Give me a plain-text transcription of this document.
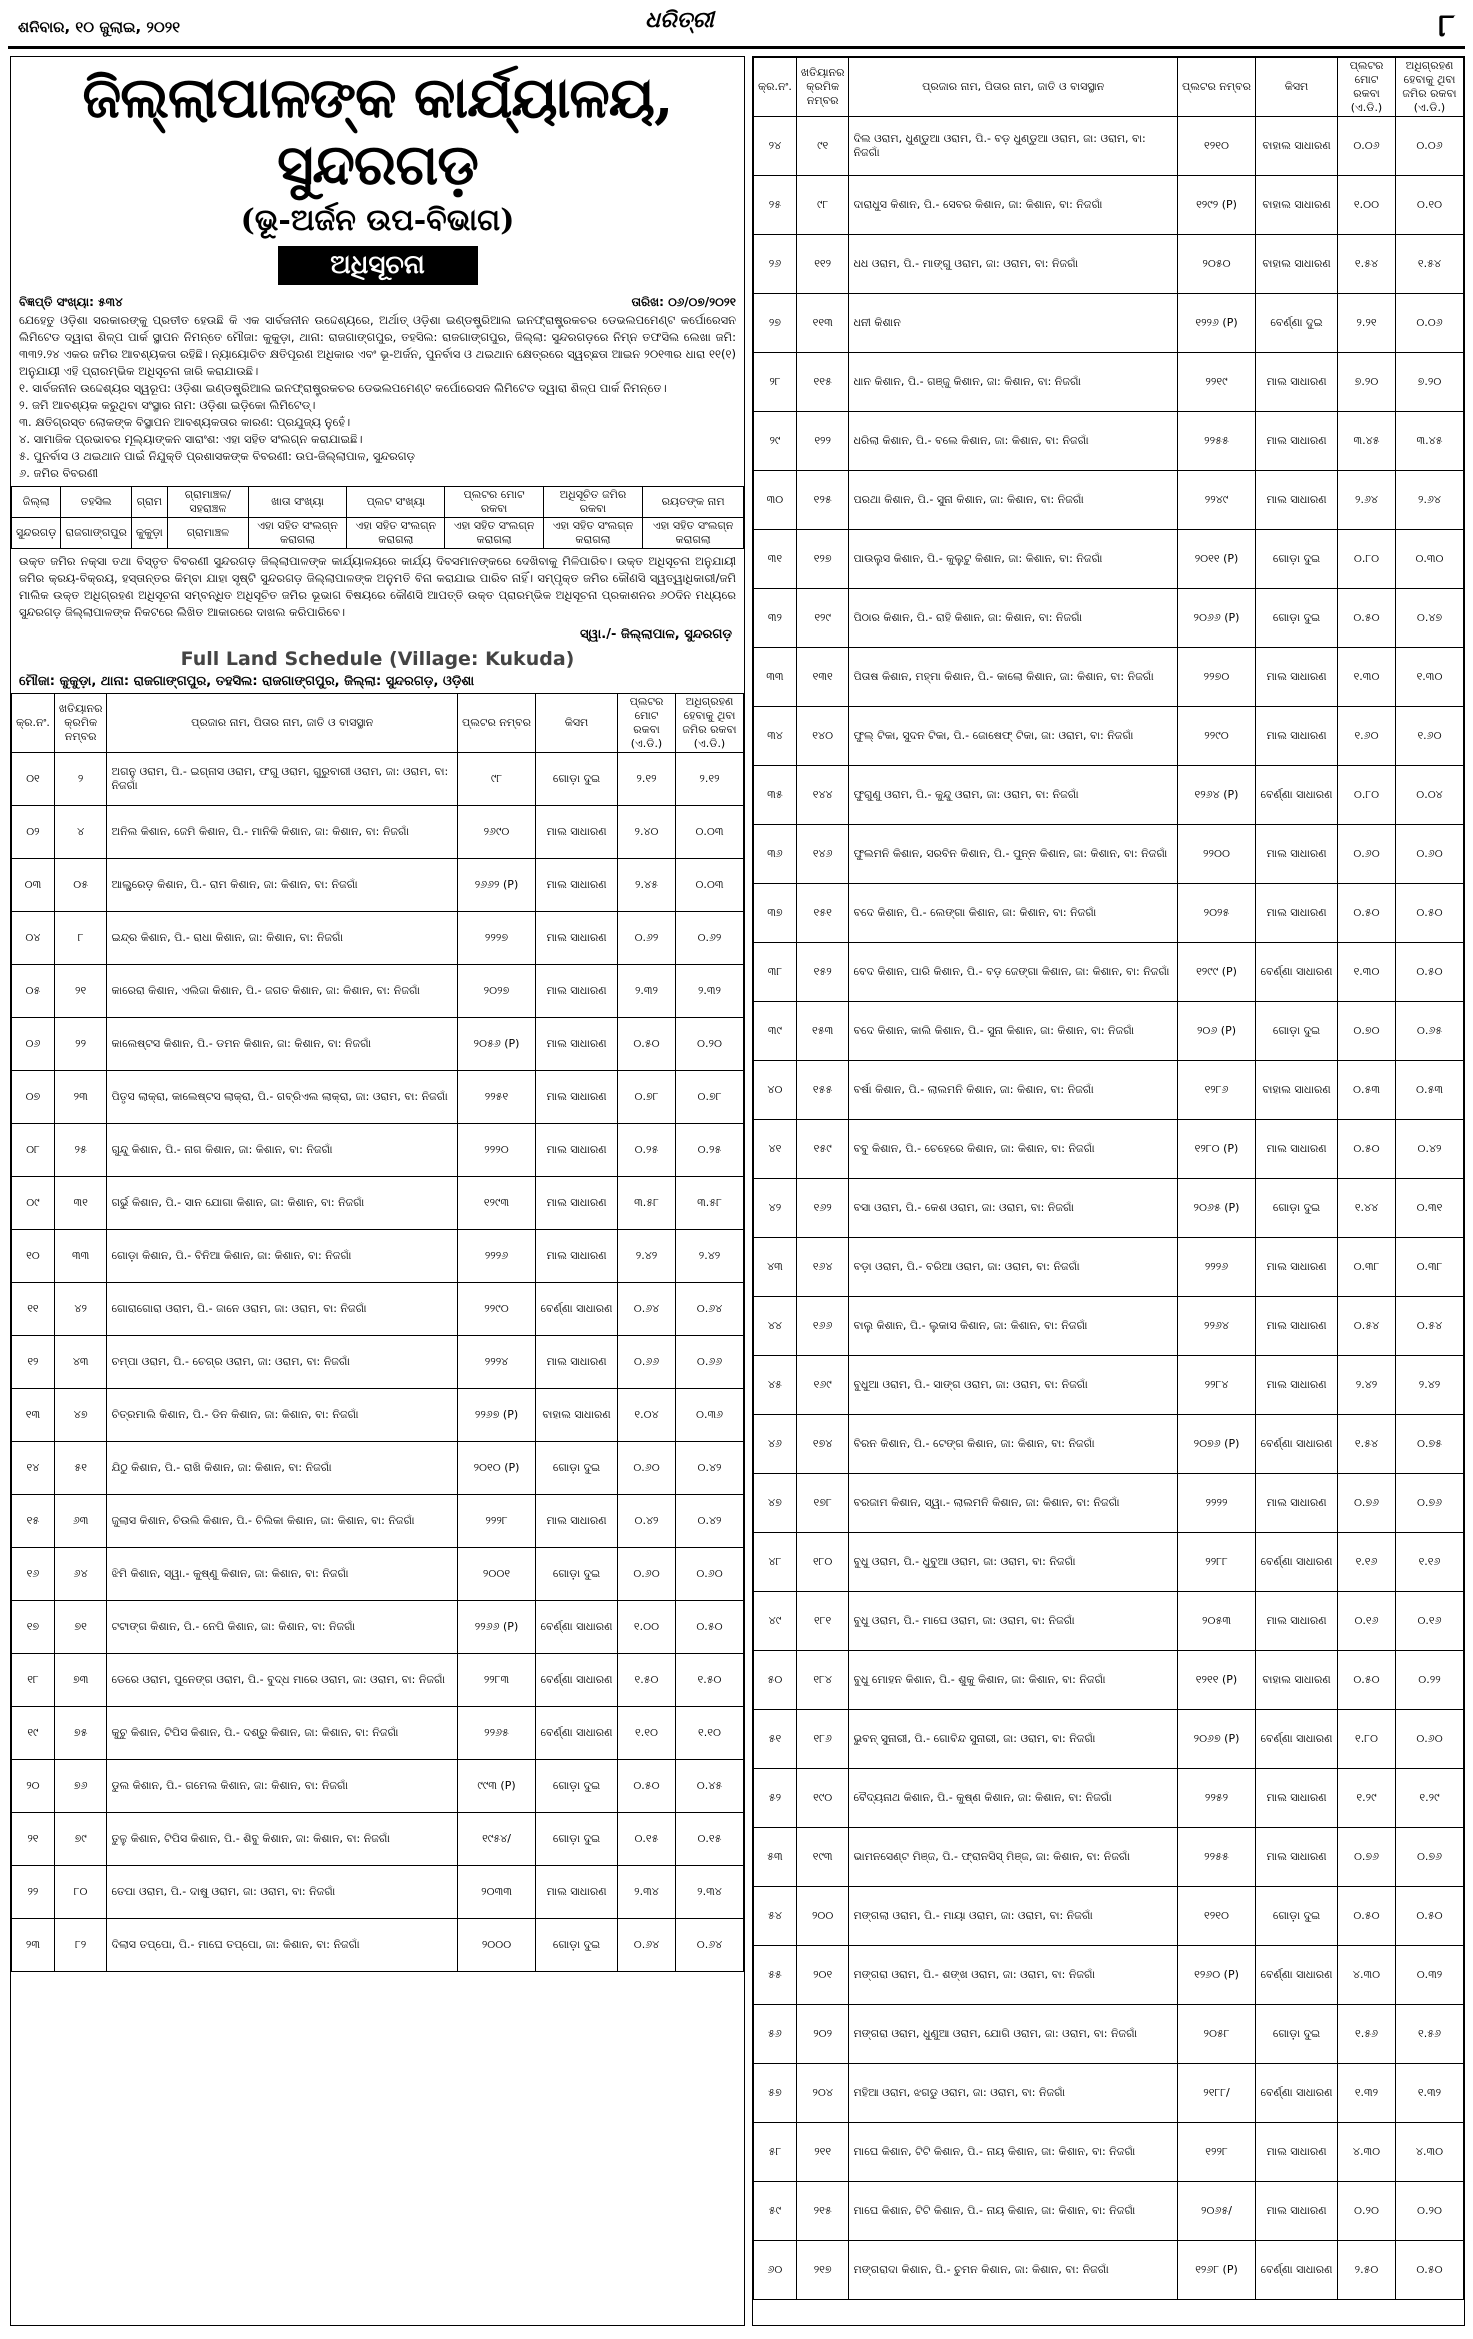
ଶନିବାର, ୧୦ ଜୁଲାଇ, ୨୦୨୧	ଧରିତ୍ରୀ	୮
ଜିଲ୍ଲାପାଳଙ୍କ କାର୍ଯ୍ୟାଳୟ, ସୁନ୍ଦରଗଡ଼
(ଭୂ-ଅର୍ଜନ ଉପ-ବିଭାଗ)
ଅଧିସୂଚନା
ବିଜ୍ଞପ୍ତି ସଂଖ୍ୟା: ୫୩୪	ତାରିଖ: ୦୬/୦୭/୨୦୨୧

ଯେହେତୁ ଓଡ଼ିଶା ସରକାରଙ୍କୁ ପ୍ରତୀତ ହେଉଛି କି ଏକ ସାର୍ବଜନୀନ ଉଦ୍ଦେଶ୍ୟରେ, ଅର୍ଥାତ୍ ଓଡ଼ିଶା ଇଣ୍ଡଷ୍ଟ୍ରିଆଲ ଇନଫ୍ରାଷ୍ଟ୍ରକଚର ଡେଭଲପମେଣ୍ଟ କର୍ପୋରେସନ ଲିମିଟେଡ ଦ୍ୱାରା ଶିଳ୍ପ ପାର୍କ ସ୍ଥାପନ ନିମନ୍ତେ ମୌଜା: କୁକୁଡ଼ା, ଥାନା: ରାଜଗାଙ୍ଗପୁର, ତହସିଲ: ରାଜଗାଙ୍ଗପୁର, ଜିଲ୍ଲା: ସୁନ୍ଦରଗଡ଼ରେ ନିମ୍ନ ତଫସିଲ ଲେଖା ଜମି: ୩୩୨.୨୪ ଏକର ଜମିର ଆବଶ୍ୟକତା ରହିଛି। ନ୍ୟାୟୋଚିତ କ୍ଷତିପୂରଣ ଅଧିକାର ଏବଂ ଭୂ-ଅର୍ଜନ, ପୁନର୍ବାସ ଓ ଥଇଥାନ କ୍ଷେତ୍ରରେ ସ୍ୱଚ୍ଛତା ଆଇନ ୨୦୧୩ର ଧାରା ୧୧(୧) ଅନୁଯାୟୀ ଏହି ପ୍ରାରମ୍ଭିକ ଅଧିସୂଚନା ଜାରି କରାଯାଉଛି।

୧. ସାର୍ବଜନୀନ ଉଦ୍ଦେଶ୍ୟର ସ୍ୱରୂପ: ଓଡ଼ିଶା ଇଣ୍ଡଷ୍ଟ୍ରିଆଲ ଇନଫ୍ରାଷ୍ଟ୍ରକଚର ଡେଭଲପମେଣ୍ଟ କର୍ପୋରେସନ ଲିମିଟେଡ ଦ୍ୱାରା ଶିଳ୍ପ ପାର୍କ ନିମନ୍ତେ।
୨. ଜମି ଆବଶ୍ୟକ କରୁଥିବା ସଂସ୍ଥାର ନାମ: ଓଡ଼ିଶା ଇଡ଼ିକୋ ଲିମିଟେଡ୍।
୩. କ୍ଷତିଗ୍ରସ୍ତ ଲୋକଙ୍କ ବିସ୍ଥାପନ ଆବଶ୍ୟକତାର କାରଣ: ପ୍ରଯୁଜ୍ୟ ନୁହେଁ।
୪. ସାମାଜିକ ପ୍ରଭାବର ମୂଲ୍ୟାଙ୍କନ ସାରାଂଶ: ଏହା ସହିତ ସଂଲଗ୍ନ କରାଯାଇଛି।
୫. ପୁନର୍ବାସ ଓ ଥଇଥାନ ପାଇଁ ନିଯୁକ୍ତି ପ୍ରଶାସକଙ୍କ ବିବରଣୀ: ଉପ-ଜିଲ୍ଲାପାଳ, ସୁନ୍ଦରଗଡ଼
୬. ଜମିର ବିବରଣୀ
ଜିଲ୍ଲା	ତହସିଲ	ଗ୍ରାମ	ଗ୍ରାମାଞ୍ଚଳ/ ସହରାଞ୍ଚଳ	ଖାତା ସଂଖ୍ୟା	ପ୍ଲଟ ସଂଖ୍ୟା	ପ୍ଲଟର ମୋଟ ରକବା	ଅଧିସୂଚିତ ଜମିର ରକବା	ରୟତଙ୍କ ନାମ
ସୁନ୍ଦରଗଡ଼	ରାଜଗାଙ୍ଗପୁର	କୁକୁଡ଼ା	ଗ୍ରାମାଞ୍ଚଳ	ଏହା ସହିତ ସଂଲଗ୍ନ କରାଗଲା	ଏହା ସହିତ ସଂଲଗ୍ନ କରାଗଲା	ଏହା ସହିତ ସଂଲଗ୍ନ କରାଗଲା	ଏହା ସହିତ ସଂଲଗ୍ନ କରାଗଲା	ଏହା ସହିତ ସଂଲଗ୍ନ କରାଗଲା

ଉକ୍ତ ଜମିର ନକ୍ସା ତଥା ବିସ୍ତୃତ ବିବରଣୀ ସୁନ୍ଦରଗଡ଼ ଜିଲ୍ଲାପାଳଙ୍କ କାର୍ଯ୍ୟାଳୟରେ କାର୍ଯ୍ୟ ଦିବସମାନଙ୍କରେ ଦେଖିବାକୁ ମିଳିପାରିବ। ଉକ୍ତ ଅଧିସୂଚନା ଅନୁଯାୟୀ ଜମିର କ୍ରୟ-ବିକ୍ରୟ, ହସ୍ତାନ୍ତର କିମ୍ବା ଯାହା ସୃଷ୍ଟି ସୁନ୍ଦରଗଡ଼ ଜିଲ୍ଲାପାଳଙ୍କ ଅନୁମତି ବିନା କରାଯାଇ ପାରିବ ନାହିଁ। ସମ୍ପୃକ୍ତ ଜମିର କୌଣସି ସ୍ୱତ୍ୱାଧିକାରୀ/ଜମି ମାଲିକ ଉକ୍ତ ଅଧିଗ୍ରହଣ ଅଧିସୂଚନା ସମ୍ବନ୍ଧିତ ଅଧିସୂଚିତ ଜମିର ଭୂଭାଗ ବିଷୟରେ କୌଣସି ଆପତ୍ତି ଉକ୍ତ ପ୍ରାରମ୍ଭିକ ଅଧିସୂଚନା ପ୍ରକାଶନର ୬୦ଦିନ ମଧ୍ୟରେ ସୁନ୍ଦରଗଡ଼ ଜିଲ୍ଲାପାଳଙ୍କ ନିକଟରେ ଲିଖିତ ଆକାରରେ ଦାଖଲ କରିପାରିବେ।

ସ୍ୱା./- ଜିଲ୍ଲାପାଳ, ସୁନ୍ଦରଗଡ଼
Full Land Schedule (Village: Kukuda)
ମୌଜା: କୁକୁଡ଼ା, ଥାନା: ରାଜଗାଙ୍ଗପୁର, ତହସିଲ: ରାଜଗାଙ୍ଗପୁର, ଜିଲ୍ଲା: ସୁନ୍ଦରଗଡ଼, ଓଡ଼ିଶା
କ୍ର.ନଂ.	ଖତିୟାନର କ୍ରମିକ ନମ୍ବର	ପ୍ରଜାର ନାମ, ପିତାର ନାମ, ଜାତି ଓ ବାସସ୍ଥାନ	ପ୍ଲଟର ନମ୍ବର	କିସମ	ପ୍ଲଟର ମୋଟ ରକବା (ଏ.ଡି.)	ଅଧିଗ୍ରହଣ ହେବାକୁ ଥିବା ଜମିର ରକବା (ଏ.ଡି.)
୦୧	୨	ଅଗନୁ ଓରାମ, ପି.- ଇଗ୍ନାସ ଓରାମ, ଫଗୁ ଓରାମ, ଗୁରୁବାରୀ ଓରାମ, ଜା: ଓରାମ, ବା: ନିଜଗାଁ	୯୮	ଗୋଡ଼ା ଦୁଇ	୨.୧୨	୨.୧୨
୦୨	୪	ଅନିଲ କିଶାନ, ଜେମି କିଶାନ, ପି.- ମାନିକି କିଶାନ, ଜା: କିଶାନ, ବା: ନିଜଗାଁ	୨୬୯୦	ମାଲ ସାଧାରଣ	୨.୪୦	୦.୦୩
୦୩	୦୫	ଆଲ୍ଫ୍ରେଡ଼ କିଶାନ, ପି.- ରାମ କିଶାନ, ଜା: କିଶାନ, ବା: ନିଜଗାଁ	୨୬୬୨ (P)	ମାଲ ସାଧାରଣ	୨.୪୫	୦.୦୩
୦୪	୮	ଇନ୍ଦ୍ର କିଶାନ, ପି.- ରାଧା କିଶାନ, ଜା: କିଶାନ, ବା: ନିଜଗାଁ	୨୨୨୭	ମାଲ ସାଧାରଣ	୦.୬୨	୦.୬୨
୦୫	୨୧	କାରେରା କିଶାନ, ଏଲିଜା କିଶାନ, ପି.- ଜଗତ କିଶାନ, ଜା: କିଶାନ, ବା: ନିଜଗାଁ	୨୦୨୭	ମାଲ ସାଧାରଣ	୨.୩୨	୨.୩୨
୦୬	୨୨	କାଲେଷ୍ଟସ କିଶାନ, ପି.- ଡମନ କିଶାନ, ଜା: କିଶାନ, ବା: ନିଜଗାଁ	୨୦୫୬ (P)	ମାଲ ସାଧାରଣ	୦.୫୦	୦.୨୦
୦୭	୨୩	ପିତୃସ ଲାକ୍ରା, କାଲେଷ୍ଟସ ଲାକ୍ରା, ପି.- ଗବ୍ରିଏଲ ଲାକ୍ରା, ଜା: ଓରାମ, ବା: ନିଜଗାଁ	୨୨୫୧	ମାଲ ସାଧାରଣ	୦.୭୮	୦.୭୮
୦୮	୨୫	ଗୁନ୍ଦୁ କିଶାନ, ପି.- ନାଗ କିଶାନ, ଜା: କିଶାନ, ବା: ନିଜଗାଁ	୨୨୨୦	ମାଲ ସାଧାରଣ	୦.୨୫	୦.୨୫
୦୯	୩୧	ଗର୍ଭୁ କିଶାନ, ପି.- ସାନ ଯୋଗା କିଶାନ, ଜା: କିଶାନ, ବା: ନିଜଗାଁ	୧୨୯୩	ମାଲ ସାଧାରଣ	୩.୫୮	୩.୫୮
୧୦	୩୩	ଗୋଡ଼ା କିଶାନ, ପି.- ବିନିଆ କିଶାନ, ଜା: କିଶାନ, ବା: ନିଜଗାଁ	୨୨୨୬	ମାଲ ସାଧାରଣ	୨.୪୨	୨.୪୨
୧୧	୪୨	ଗୋରାଗୋରା ଓରାମ, ପି.- ଜାନେ ଓରାମ, ଜା: ଓରାମ, ବା: ନିଜଗାଁ	୨୨୯୦	ବେର୍ଣ୍ଣା ସାଧାରଣ	୦.୬୪	୦.୬୪
୧୨	୪୩	ଚମ୍ପା ଓରାମ, ପି.- ଚେଗ୍ର ଓରାମ, ଜା: ଓରାମ, ବା: ନିଜଗାଁ	୨୨୨୪	ମାଲ ସାଧାରଣ	୦.୬୬	୦.୬୬
୧୩	୪୭	ଚିତ୍ରମାଲି କିଶାନ, ପି.- ଡିନ କିଶାନ, ଜା: କିଶାନ, ବା: ନିଜଗାଁ	୨୨୬୭ (P)	ବାହାଲ ସାଧାରଣ	୧.୦୪	୦.୩୬
୧୪	୫୧	ଯିଠୁ କିଶାନ, ପି.- ରାଖି କିଶାନ, ଜା: କିଶାନ, ବା: ନିଜଗାଁ	୨୦୧୦ (P)	ଗୋଡ଼ା ଦୁଇ	୦.୬୦	୦.୪୨
୧୫	୬୩	ଜୁଲାସ କିଶାନ, ଚିଉଲି କିଶାନ, ପି.- ଚିଲିକା କିଶାନ, ଜା: କିଶାନ, ବା: ନିଜଗାଁ	୨୨୨୮	ମାଲ ସାଧାରଣ	୦.୪୨	୦.୪୨
୧୬	୬୪	ଝିମି କିଶାନ, ସ୍ୱା.- କୁଷ୍ଣୁ କିଶାନ, ଜା: କିଶାନ, ବା: ନିଜଗାଁ	୨୦୦୧	ଗୋଡ଼ା ଦୁଇ	୦.୬୦	୦.୬୦
୧୭	୭୧	ଟଟାଙ୍ଗ କିଶାନ, ପି.- ନେପି କିଶାନ, ଜା: କିଶାନ, ବା: ନିଜଗାଁ	୨୨୬୬ (P)	ବେର୍ଣ୍ଣା ସାଧାରଣ	୧.୦୦	୦.୫୦
୧୮	୭୩	ଡେରେ ଓରାମ, ପୁନେଙ୍ଗ ଓରାମ, ପି.- ବୁଦ୍ଧ ମାରେ ଓରାମ, ଜା: ଓରାମ, ବା: ନିଜଗାଁ	୨୨୮୩	ବେର୍ଣ୍ଣା ସାଧାରଣ	୧.୫୦	୧.୫୦
୧୯	୭୫	କୁଚୁ କିଶାନ, ଟିପିସ କିଶାନ, ପି.- ଦଶ୍ରୁ କିଶାନ, ଜା: କିଶାନ, ବା: ନିଜଗାଁ	୨୨୬୫	ବେର୍ଣ୍ଣା ସାଧାରଣ	୧.୧୦	୧.୧୦
୨୦	୭୬	ଡୁଲ କିଶାନ, ପି.- ଗମେଲ କିଶାନ, ଜା: କିଶାନ, ବା: ନିଜଗାଁ	୯୯୩ (P)	ଗୋଡ଼ା ଦୁଇ	୦.୫୦	୦.୪୫
୨୧	୭୯	ତୁଳୁ କିଶାନ, ଟିପିସ କିଶାନ, ପି.- ଶିବୁ କିଶାନ, ଜା: କିଶାନ, ବା: ନିଜଗାଁ	୧୯୫୪/	ଗୋଡ଼ା ଦୁଇ	୦.୧୫	୦.୧୫
୨୨	୮୦	ତେପା ଓରାମ, ପି.- ଦାଷୁ ଓରାମ, ଜା: ଓରାମ, ବା: ନିଜଗାଁ	୨୦୩୩	ମାଲ ସାଧାରଣ	୨.୩୪	୨.୩୪
୨୩	୮୨	ଦିଲାସ ତପ୍ପୋ, ପି.- ମାଘେ ତପ୍ପୋ, ଜା: କିଶାନ, ବା: ନିଜଗାଁ	୨୦୦୦	ଗୋଡ଼ା ଦୁଇ	୦.୬୪	୦.୬୪
କ୍ର.ନଂ.	ଖତିୟାନର କ୍ରମିକ ନମ୍ବର	ପ୍ରଜାର ନାମ, ପିତାର ନାମ, ଜାତି ଓ ବାସସ୍ଥାନ	ପ୍ଲଟର ନମ୍ବର	କିସମ	ପ୍ଲଟର ମୋଟ ରକବା (ଏ.ଡି.)	ଅଧିଗ୍ରହଣ ହେବାକୁ ଥିବା ଜମିର ରକବା (ଏ.ଡି.)
୨୪	୯୧	ଦିଲ ଓରାମ, ଧୁଣ୍ଡୁଆ ଓରାମ, ପି.- ବଡ଼ ଧୁଣ୍ଡୁଆ ଓରାମ, ଜା: ଓରାମ, ବା: ନିଜଗାଁ	୧୨୧୦	ବାହାଲ ସାଧାରଣ	୦.୦୬	୦.୦୬
୨୫	୯୮	ଦାରାଧୁସ କିଶାନ, ପି.- ସେବର କିଶାନ, ଜା: କିଶାନ, ବା: ନିଜଗାଁ	୧୨୯୨ (P)	ବାହାଲ ସାଧାରଣ	୧.୦୦	୦.୧୦
୨୬	୧୧୨	ଧଧ ଓରାମ, ପି.- ମାଙ୍ଗୁ ଓରାମ, ଜା: ଓରାମ, ବା: ନିଜଗାଁ	୨୦୫୦	ବାହାଲ ସାଧାରଣ	୧.୫୪	୧.୫୪
୨୭	୧୧୩	ଧନୀ କିଶାନ	୧୨୨୬ (P)	ବେର୍ଣ୍ଣା ଦୁଇ	୨.୨୧	୦.୦୬
୨୮	୧୧୫	ଧାନ କିଶାନ, ପି.- ଗଞ୍ଜୁ କିଶାନ, ଜା: କିଶାନ, ବା: ନିଜଗାଁ	୨୨୧୯	ମାଲ ସାଧାରଣ	୭.୨୦	୭.୨୦
୨୯	୧୨୨	ଧରିଲା କିଶାନ, ପି.- ବଲେ କିଶାନ, ଜା: କିଶାନ, ବା: ନିଜଗାଁ	୨୨୫୫	ମାଲ ସାଧାରଣ	୩.୪୫	୩.୪୫
୩୦	୧୨୫	ପରଥା କିଶାନ, ପି.- ସୁନା କିଶାନ, ଜା: କିଶାନ, ବା: ନିଜଗାଁ	୨୨୪୯	ମାଲ ସାଧାରଣ	୨.୬୪	୨.୬୪
୩୧	୧୨୭	ପାଉଲୁସ କିଶାନ, ପି.- କୁଲୁଟୁ କିଶାନ, ଜା: କିଶାନ, ବା: ନିଜଗାଁ	୨୦୧୧ (P)	ଗୋଡ଼ା ଦୁଇ	୦.୮୦	୦.୩୦
୩୨	୧୨୯	ପିଠାର କିଶାନ, ପି.- ରାହି କିଶାନ, ଜା: କିଶାନ, ବା: ନିଜଗାଁ	୨୦୬୬ (P)	ଗୋଡ଼ା ଦୁଇ	୦.୫୦	୦.୪୭
୩୩	୧୩୧	ପିତାଷ କିଶାନ, ମହ୍ମା କିଶାନ, ପି.- କାଲୋ କିଶାନ, ଜା: କିଶାନ, ବା: ନିଜଗାଁ	୨୨୭୦	ମାଲ ସାଧାରଣ	୧.୩୦	୧.୩୦
୩୪	୧୪୦	ଫୁଲ୍ ଟିକା, ସୁଦନ ଟିକା, ପି.- ଜୋଷେଫ୍ ଟିକା, ଜା: ଓରାମ, ବା: ନିଜଗାଁ	୨୨୯୦	ମାଲ ସାଧାରଣ	୧.୬୦	୧.୬୦
୩୫	୧୪୪	ଫୁଗୁଣୁ ଓରାମ, ପି.- କୁନ୍ଦୁ ଓରାମ, ଜା: ଓରାମ, ବା: ନିଜଗାଁ	୧୨୬୪ (P)	ବେର୍ଣ୍ଣା ସାଧାରଣ	୦.୮୦	୦.୦୪
୩୬	୧୪୬	ଫୁଲମନି କିଶାନ, ସରବିନ କିଶାନ, ପି.- ପୁନ୍ନ କିଶାନ, ଜା: କିଶାନ, ବା: ନିଜଗାଁ	୨୨୦୦	ମାଲ ସାଧାରଣ	୦.୬୦	୦.୬୦
୩୭	୧୫୧	ବଦେ କିଶାନ, ପି.- ଲେଙ୍ଗା କିଶାନ, ଜା: କିଶାନ, ବା: ନିଜଗାଁ	୨୦୨୫	ମାଲ ସାଧାରଣ	୦.୫୦	୦.୫୦
୩୮	୧୫୨	ବେଦ କିଶାନ, ପାରି କିଶାନ, ପି.- ବଡ଼ ଜେଙ୍ଗା କିଶାନ, ଜା: କିଶାନ, ବା: ନିଜଗାଁ	୧୨୯୯ (P)	ବେର୍ଣ୍ଣା ସାଧାରଣ	୧.୩୦	୦.୫୦
୩୯	୧୫୩	ବଦେ କିଶାନ, କାଲି କିଶାନ, ପି.- ସୁନା କିଶାନ, ଜା: କିଶାନ, ବା: ନିଜଗାଁ	୨୦୬ (P)	ଗୋଡ଼ା ଦୁଇ	୦.୭୦	୦.୬୫
୪୦	୧୫୫	ବର୍ଷା କିଶାନ, ପି.- ଲାଲମନି କିଶାନ, ଜା: କିଶାନ, ବା: ନିଜଗାଁ	୧୨୮୬	ବାହାଲ ସାଧାରଣ	୦.୫୩	୦.୫୩
୪୧	୧୫୯	ବବୁ କିଶାନ, ପି.- ଚେହେରେ କିଶାନ, ଜା: କିଶାନ, ବା: ନିଜଗାଁ	୧୨୮୦ (P)	ମାଲ ସାଧାରଣ	୦.୫୦	୦.୪୨
୪୨	୧୬୨	ବସା ଓରାମ, ପି.- କେଶ ଓରାମ, ଜା: ଓରାମ, ବା: ନିଜଗାଁ	୨୦୬୫ (P)	ଗୋଡ଼ା ଦୁଇ	୧.୪୪	୦.୩୧
୪୩	୧୬୪	ବଡ଼ା ଓରାମ, ପି.- ବରିଆ ଓରାମ, ଜା: ଓରାମ, ବା: ନିଜଗାଁ	୨୨୨୬	ମାଲ ସାଧାରଣ	୦.୩୮	୦.୩୮
୪୪	୧୬୬	ବାଲୁ କିଶାନ, ପି.- ଲୁକାସ କିଶାନ, ଜା: କିଶାନ, ବା: ନିଜଗାଁ	୨୨୬୪	ମାଲ ସାଧାରଣ	୦.୫୪	୦.୫୪
୪୫	୧୬୯	ବୁଧୁଆ ଓରାମ, ପି.- ସାଙ୍ଗ ଓରାମ, ଜା: ଓରାମ, ବା: ନିଜଗାଁ	୨୨୮୪	ମାଲ ସାଧାରଣ	୨.୪୨	୨.୪୨
୪୬	୧୭୪	ବିରନ କିଶାନ, ପି.- ଟେଙ୍ଗ କିଶାନ, ଜା: କିଶାନ, ବା: ନିଜଗାଁ	୨୦୭୬ (P)	ବେର୍ଣ୍ଣା ସାଧାରଣ	୧.୫୪	୦.୭୫
୪୭	୧୭୮	ବରଜାମ କିଶାନ, ସ୍ୱା.- ଲାଲମନି କିଶାନ, ଜା: କିଶାନ, ବା: ନିଜଗାଁ	୨୨୨୨	ମାଲ ସାଧାରଣ	୦.୭୬	୦.୭୬
୪୮	୧୮୦	ବୁଧୁ ଓରାମ, ପି.- ଧୁବୁଆ ଓରାମ, ଜା: ଓରାମ, ବା: ନିଜଗାଁ	୨୨୮୮	ବେର୍ଣ୍ଣା ସାଧାରଣ	୧.୧୬	୧.୧୬
୪୯	୧୮୧	ବୁଧୁ ଓରାମ, ପି.- ମାଘେ ଓରାମ, ଜା: ଓରାମ, ବା: ନିଜଗାଁ	୨୦୫୩	ମାଲ ସାଧାରଣ	୦.୧୬	୦.୧୬
୫୦	୧୮୪	ବୁଧୁ ମୋହନ କିଶାନ, ପି.- ଶୁକୁ କିଶାନ, ଜା: କିଶାନ, ବା: ନିଜଗାଁ	୧୨୧୧ (P)	ବାହାଲ ସାଧାରଣ	୦.୫୦	୦.୨୨
୫୧	୧୮୬	ଭୁବନ୍ ସୁନାରୀ, ପି.- ଗୋବିନ୍ଦ ସୁନାରୀ, ଜା: ଓରାମ, ବା: ନିଜଗାଁ	୨୦୬୭ (P)	ବେର୍ଣ୍ଣା ସାଧାରଣ	୧.୮୦	୦.୬୦
୫୨	୧୯୦	ବୈଦ୍ୟନାଥ କିଶାନ, ପି.- କୁଷ୍ଣ କିଶାନ, ଜା: କିଶାନ, ବା: ନିଜଗାଁ	୨୨୫୨	ମାଲ ସାଧାରଣ	୧.୨୯	୧.୨୯
୫୩	୧୯୩	ଭାମନସେଣ୍ଟ ମିଞ୍ଜ, ପି.- ଫ୍ରାନସିସ୍ ମିଞ୍ଜ, ଜା: କିଶାନ, ବା: ନିଜଗାଁ	୨୨୫୫	ମାଲ ସାଧାରଣ	୦.୭୬	୦.୭୬
୫୪	୨୦୦	ମଙ୍ଗଲା ଓରାମ, ପି.- ମାୟା ଓରାମ, ଜା: ଓରାମ, ବା: ନିଜଗାଁ	୧୨୧୦	ଗୋଡ଼ା ଦୁଇ	୦.୫୦	୦.୫୦
୫୫	୨୦୧	ମଙ୍ଗରା ଓରାମ, ପି.- ଶଙ୍ଖ ଓରାମ, ଜା: ଓରାମ, ବା: ନିଜଗାଁ	୧୨୬୦ (P)	ବେର୍ଣ୍ଣା ସାଧାରଣ	୪.୩୦	୦.୩୨
୫୬	୨୦୨	ମଙ୍ଗରା ଓରାମ, ଧୁଣୁଆ ଓରାମ, ଯୋଗି ଓରାମ, ଜା: ଓରାମ, ବା: ନିଜଗାଁ	୨୦୫୮	ଗୋଡ଼ା ଦୁଇ	୧.୫୬	୧.୫୬
୫୭	୨୦୪	ମହିଆ ଓରାମ, ଝଗଡୁ ଓରାମ, ଜା: ଓରାମ, ବା: ନିଜଗାଁ	୨୧୮୮/	ବେର୍ଣ୍ଣା ସାଧାରଣ	୧.୩୨	୧.୩୨
୫୮	୨୧୧	ମାଘେ କିଶାନ, ଟିଟି କିଶାନ, ପି.- ନାୟ କିଶାନ, ଜା: କିଶାନ, ବା: ନିଜଗାଁ	୧୨୨୮	ମାଲ ସାଧାରଣ	୪.୩୦	୪.୩୦
୫୯	୨୧୫	ମାଘେ କିଶାନ, ଟିଟି କିଶାନ, ପି.- ନାୟ କିଶାନ, ଜା: କିଶାନ, ବା: ନିଜଗାଁ	୨୦୬୫/	ମାଲ ସାଧାରଣ	୦.୨୦	୦.୨୦
୬୦	୨୧୭	ମଙ୍ଗରାଦା କିଶାନ, ପି.- ଚୁମନ କିଶାନ, ଜା: କିଶାନ, ବା: ନିଜଗାଁ	୧୨୬୮ (P)	ବେର୍ଣ୍ଣା ସାଧାରଣ	୨.୫୦	୦.୫୦
